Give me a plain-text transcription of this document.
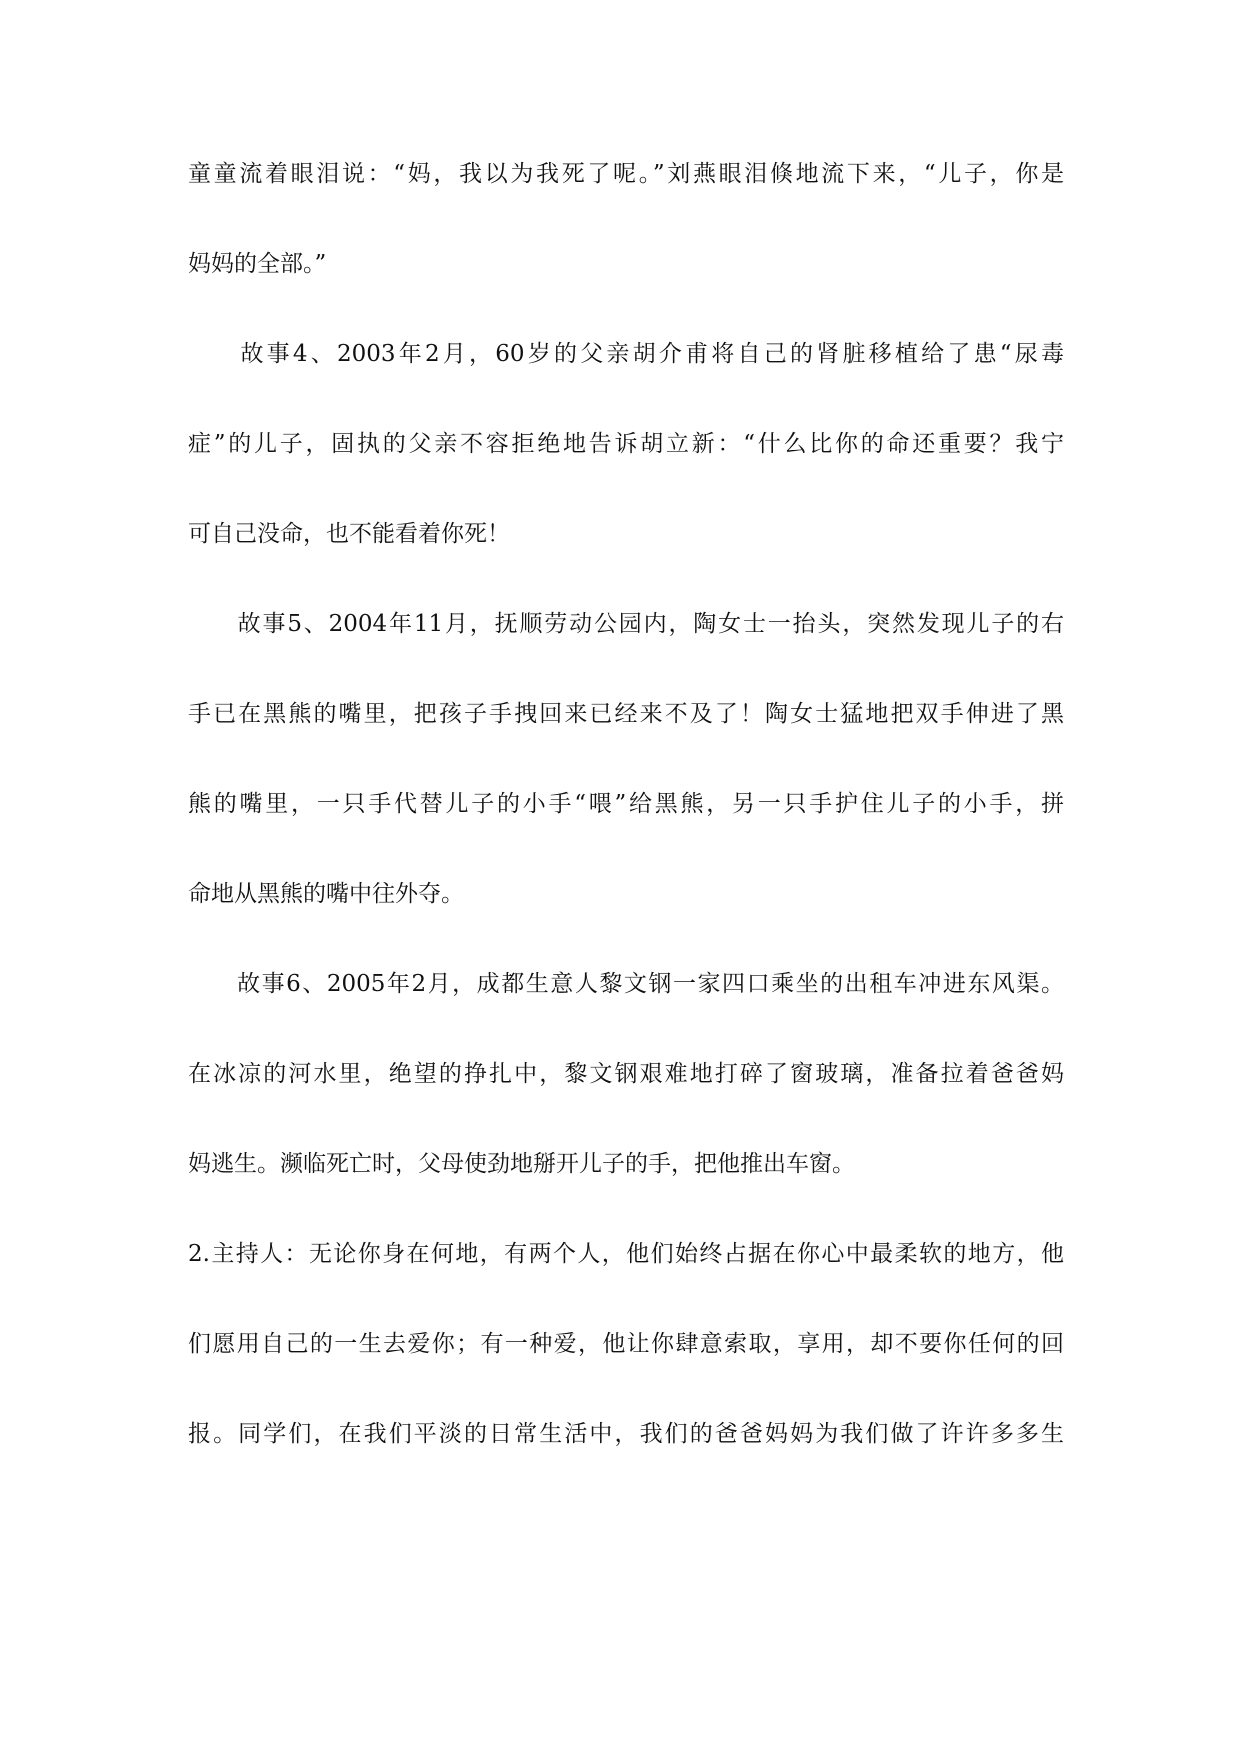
童童流着眼泪说：“妈，我以为我死了呢。”刘燕眼泪倏地流下来，“儿子，你是
妈妈的全部。”
　　故事4、2003年2月，60岁的父亲胡介甫将自己的肾脏移植给了患“尿毒
症”的儿子，固执的父亲不容拒绝地告诉胡立新：“什么比你的命还重要？我宁
可自己没命，也不能看着你死！
　　故事5、2004年11月，抚顺劳动公园内，陶女士一抬头，突然发现儿子的右
手已在黑熊的嘴里，把孩子手拽回来已经来不及了！陶女士猛地把双手伸进了黑
熊的嘴里，一只手代替儿子的小手“喂”给黑熊，另一只手护住儿子的小手，拼
命地从黑熊的嘴中往外夺。
　　故事6、2005年2月，成都生意人黎文钢一家四口乘坐的出租车冲进东风渠。
在冰凉的河水里，绝望的挣扎中，黎文钢艰难地打碎了窗玻璃，准备拉着爸爸妈
妈逃生。濒临死亡时，父母使劲地掰开儿子的手，把他推出车窗。
2.主持人：无论你身在何地，有两个人，他们始终占据在你心中最柔软的地方，他
们愿用自己的一生去爱你；有一种爱，他让你肆意索取，享用，却不要你任何的回
报。同学们，在我们平淡的日常生活中，我们的爸爸妈妈为我们做了许许多多生
